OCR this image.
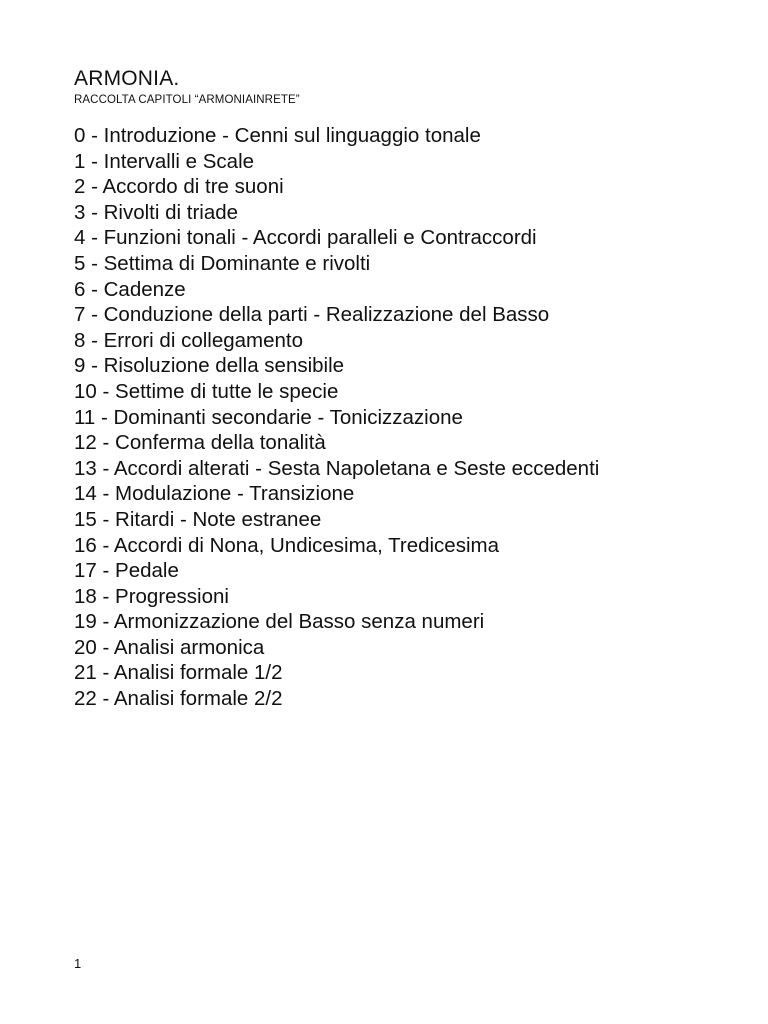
ARMONIA.
RACCOLTA CAPITOLI “ARMONIAINRETE”
0 - Introduzione - Cenni sul linguaggio tonale
1 - Intervalli e Scale
2 - Accordo di tre suoni
3 - Rivolti di triade
4 - Funzioni tonali - Accordi paralleli e Contraccordi
5 - Settima di Dominante e rivolti
6 - Cadenze
7 - Conduzione della parti - Realizzazione del Basso
8 - Errori di collegamento
9 - Risoluzione della sensibile
10 - Settime di tutte le specie
11 - Dominanti secondarie - Tonicizzazione
12 - Conferma della tonalità
13 - Accordi alterati - Sesta Napoletana e Seste eccedenti
14 - Modulazione - Transizione
15 - Ritardi - Note estranee
16 - Accordi di Nona, Undicesima, Tredicesima
17 - Pedale
18 - Progressioni
19 - Armonizzazione del Basso senza numeri
20 - Analisi armonica
21 - Analisi formale 1/2
22 - Analisi formale 2/2
1
